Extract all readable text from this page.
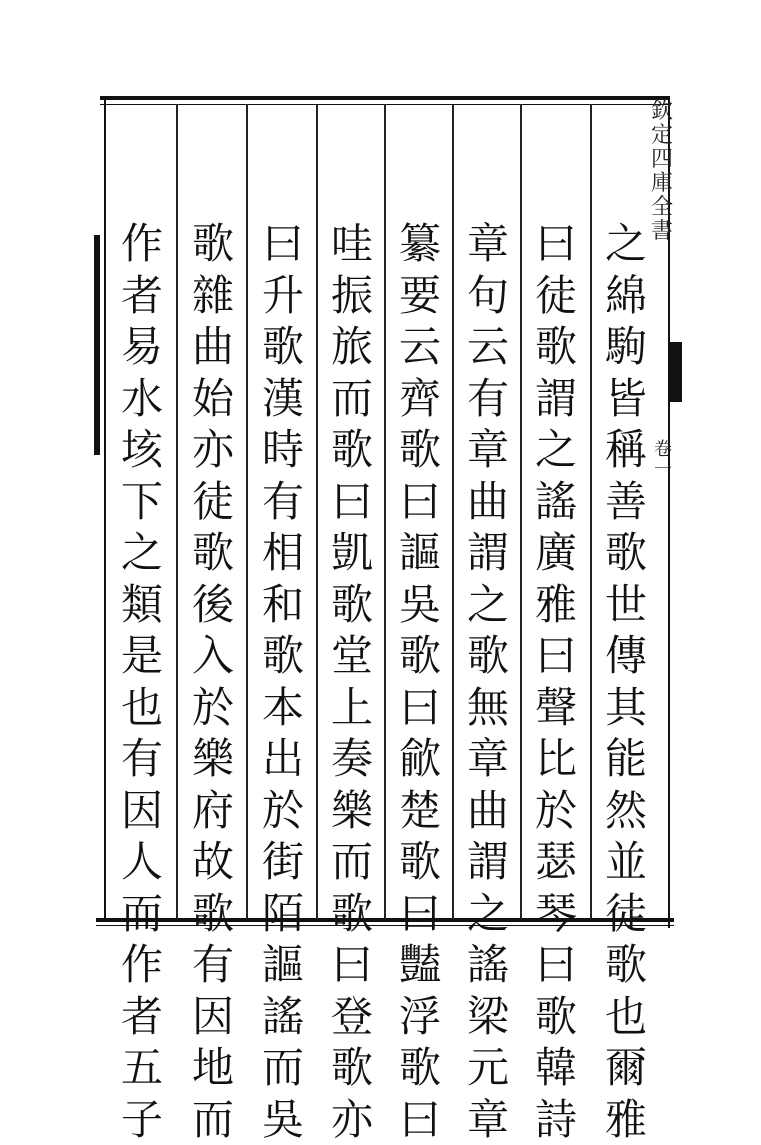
欽定四庫全書
卷一
之綿駒皆稱善歌世傳其能然並徒歌也爾雅
曰徒歌謂之謠廣雅曰聲比於瑟琴曰歌韓詩
章句云有章曲謂之歌無章曲謂之謠梁元章
纂要云齊歌曰謳吳歌曰歈楚歌曰豔浮歌曰
哇振旅而歌曰凱歌堂上奏樂而歌曰登歌亦
曰升歌漢時有相和歌本出於街陌謳謠而吳
歌雜曲始亦徒歌後入於樂府故歌有因地而
作者易水垓下之類是也有因人而作者五子
